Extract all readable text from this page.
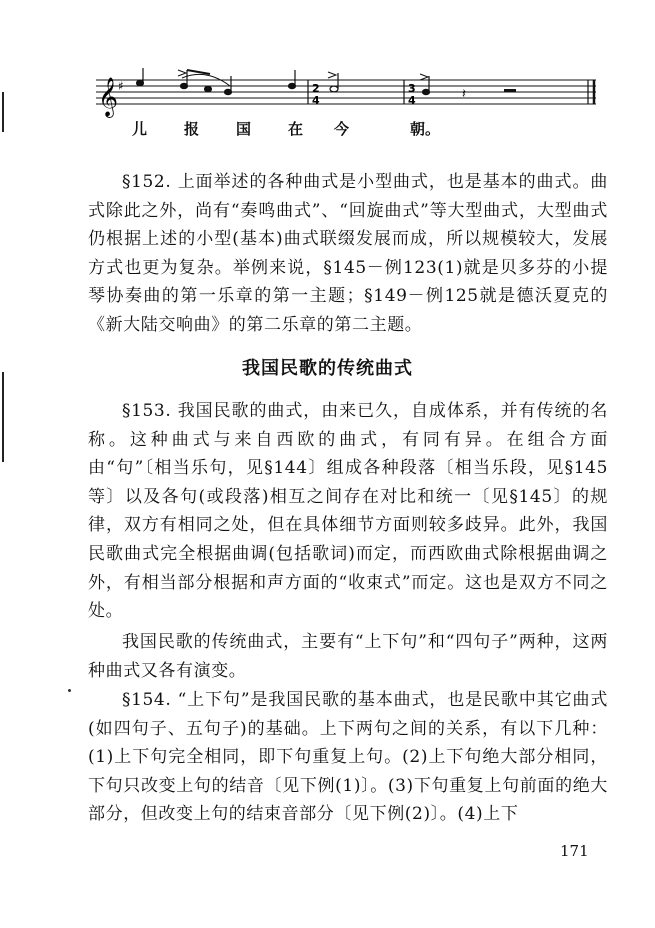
𝄞 ♯	2
4
3
4	𝄽
儿 报 国 在 今	朝。

§152. 上面举述的各种曲式是小型曲式，也是基本的曲式。曲式除此之外，尚有“奏鸣曲式”、“回旋曲式”等大型曲式，大型曲式仍根据上述的小型(基本)曲式联缀发展而成，所以规模较大，发展方式也更为复杂。举例来说，§145－例123(1)就是贝多芬的小提琴协奏曲的第一乐章的第一主题；§149－例125就是德沃夏克的《新大陆交响曲》的第二乐章的第二主题。

我国民歌的传统曲式

§153. 我国民歌的曲式，由来已久，自成体系，并有传统的名称。这种曲式与来自西欧的曲式，有同有异。在组合方面由“句”〔相当乐句，见§144〕组成各种段落〔相当乐段，见§145等〕以及各句(或段落)相互之间存在对比和统一〔见§145〕的规律，双方有相同之处，但在具体细节方面则较多歧异。此外，我国民歌曲式完全根据曲调(包括歌词)而定，而西欧曲式除根据曲调之外，有相当部分根据和声方面的“收束式”而定。这也是双方不同之处。

我国民歌的传统曲式，主要有“上下句”和“四句子”两种，这两种曲式又各有演变。

§154. “上下句”是我国民歌的基本曲式，也是民歌中其它曲式(如四句子、五句子)的基础。上下两句之间的关系，有以下几种：(1)上下句完全相同，即下句重复上句。(2)上下句绝大部分相同，下句只改变上句的结音〔见下例(1)〕。(3)下句重复上句前面的绝大部分，但改变上句的结束音部分〔见下例(2)〕。(4)上下

171
